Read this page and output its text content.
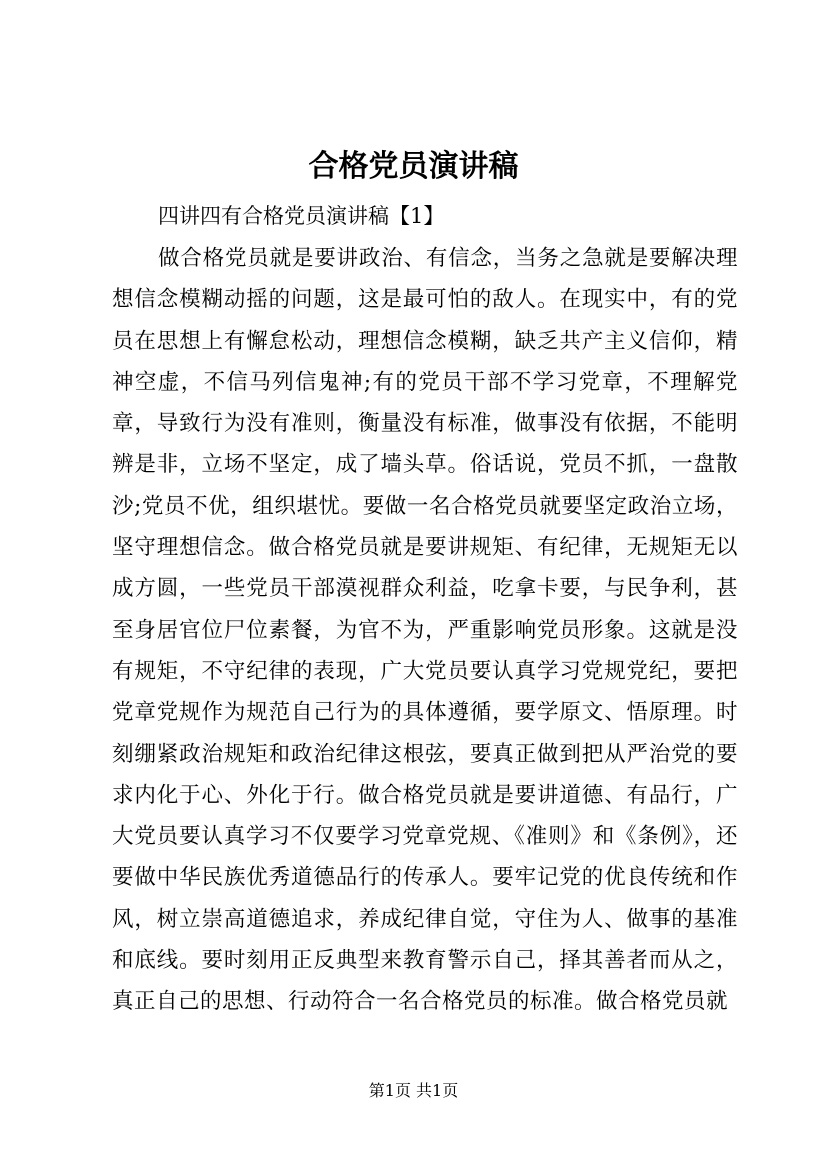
合格党员演讲稿

四讲四有合格党员演讲稿【1】

做合格党员就是要讲政治、有信念，当务之急就是要解决理想信念模糊动摇的问题，这是最可怕的敌人。在现实中，有的党员在思想上有懈怠松动，理想信念模糊，缺乏共产主义信仰，精神空虚，不信马列信鬼神;有的党员干部不学习党章，不理解党章，导致行为没有准则，衡量没有标准，做事没有依据，不能明辨是非，立场不坚定，成了墙头草。俗话说，党员不抓，一盘散沙;党员不优，组织堪忧。要做一名合格党员就要坚定政治立场，坚守理想信念。做合格党员就是要讲规矩、有纪律，无规矩无以成方圆，一些党员干部漠视群众利益，吃拿卡要，与民争利，甚至身居官位尸位素餐，为官不为，严重影响党员形象。这就是没有规矩，不守纪律的表现，广大党员要认真学习党规党纪，要把党章党规作为规范自己行为的具体遵循，要学原文、悟原理。时刻绷紧政治规矩和政治纪律这根弦，要真正做到把从严治党的要求内化于心、外化于行。做合格党员就是要讲道德、有品行，广大党员要认真学习不仅要学习党章党规、《准则》和《条例》，还要做中华民族优秀道德品行的传承人。要牢记党的优良传统和作风，树立崇高道德追求，养成纪律自觉，守住为人、做事的基准和底线。要时刻用正反典型来教育警示自己，择其善者而从之，真正自己的思想、行动符合一名合格党员的标准。做合格党员就

第1页 共1页
